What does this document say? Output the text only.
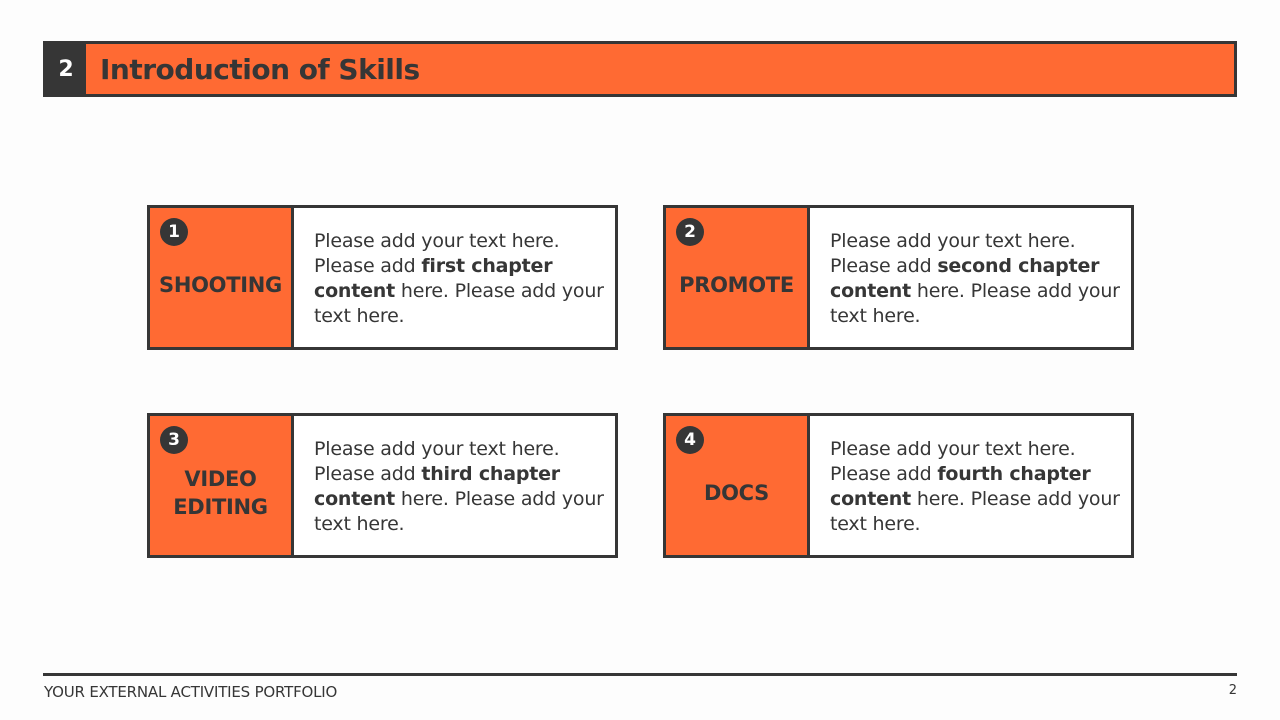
2 Introduction of Skills
1
SHOOTING
Please add your text here. Please add first chapter content here. Please add your text here.
2
PROMOTE
Please add your text here. Please add second chapter content here. Please add your text here.
3
VIDEO EDITING
Please add your text here. Please add third chapter content here. Please add your text here.
4
DOCS
Please add your text here. Please add fourth chapter content here. Please add your text here.
YOUR EXTERNAL ACTIVITIES PORTFOLIO	2
